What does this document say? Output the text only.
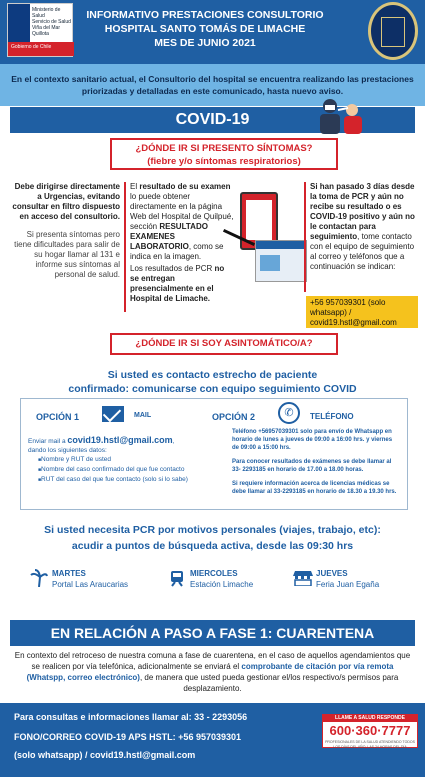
Ministerio de Salud
Servicio de Salud
Viña del Mar
Quillota
Gobierno de Chile
INFORMATIVO PRESTACIONES CONSULTORIO
HOSPITAL SANTO TOMÁS DE LIMACHE
MES DE JUNIO 2021
En el contexto sanitario actual, el Consultorio del hospital se encuentra realizando las prestaciones priorizadas y detalladas en este comunicado, hasta nuevo aviso.
COVID-19
¿DÓNDE IR SI PRESENTO SÍNTOMAS?
(fiebre y/o síntomas respiratorios)
Debe dirigirse directamente a Urgencias, evitando consultar en filtro dispuesto en acceso del consultorio.
Si presenta síntomas pero tiene dificultades para salir de su hogar llamar al 131 e informe sus síntomas al personal de salud.

El resultado de su examen lo puede obtener directamente en la página Web del Hospital de Quilpué, sección RESULTADO EXAMENES LABORATORIO, como se indica en la imagen.

Los resultados de PCR no se entregan presencialmente en el Hospital de Limache.

Si han pasado 3 días desde la toma de PCR y aún no recibe su resultado o es COVID-19 positivo y aún no le contactan para seguimiento, tome contacto con el equipo de seguimiento al correo y teléfonos que a continuación se indican:
+56 957039301 (solo whatsapp) / covid19.hstl@gmail.com
¿DÓNDE IR SI SOY ASINTOMÁTICO/A?
Si usted es contacto estrecho de paciente
confirmado: comunicarse con equipo seguimiento COVID
OPCIÓN 1	MAIL
Enviar mail a covid19.hstl@gmail.com,
dando los siguientes datos:
■ Nombre y RUT de usted
■ Nombre del caso confirmado del que fue contacto
■ RUT del caso del que fue contacto (solo si lo sabe)
OPCIÓN 2	✆	TELÉFONO

Teléfono +56957039301 solo para envío de Whatsapp en horario de lunes a jueves de 09:00 a 16:00 hrs. y viernes de 09:00 a 15:00 hrs.

Para conocer resultados de exámenes se debe llamar al 33- 2293185 en horario de 17.00 a 18.00 horas.

Si requiere información acerca de licencias médicas se debe llamar al 33-2293185 en horario de 18.30 a 19.30 hrs.

Si usted necesita PCR por motivos personales (viajes, trabajo, etc):
acudir a puntos de búsqueda activa, desde las 09:30 hrs
MARTES
Portal Las Araucarias
MIERCOLES
Estación Limache
JUEVES
Feria Juan Egaña
EN RELACIÓN A PASO A FASE 1: CUARENTENA
En contexto del retroceso de nuestra comuna a fase de cuarentena, en el caso de aquellos agendamientos que se realicen por vía telefónica, adicionalmente se enviará el comprobante de citación por vía remota (Whatspp, correo electrónico), de manera que usted pueda gestionar el/los respectivo/s permisos para desplazamiento.
Para consultas e informaciones llamar al: 33 - 2293056
FONO/CORREO COVID-19 APS HSTL: +56 957039301
(solo whatsapp) / covid19.hstl@gmail.com
LLAME A SALUD RESPONDE
600·360·7777
PROFESIONALES DE LA SALUD ATENDIENDO TODOS LOS DÍAS DEL AÑO, LAS 24 HORAS DEL DÍA
